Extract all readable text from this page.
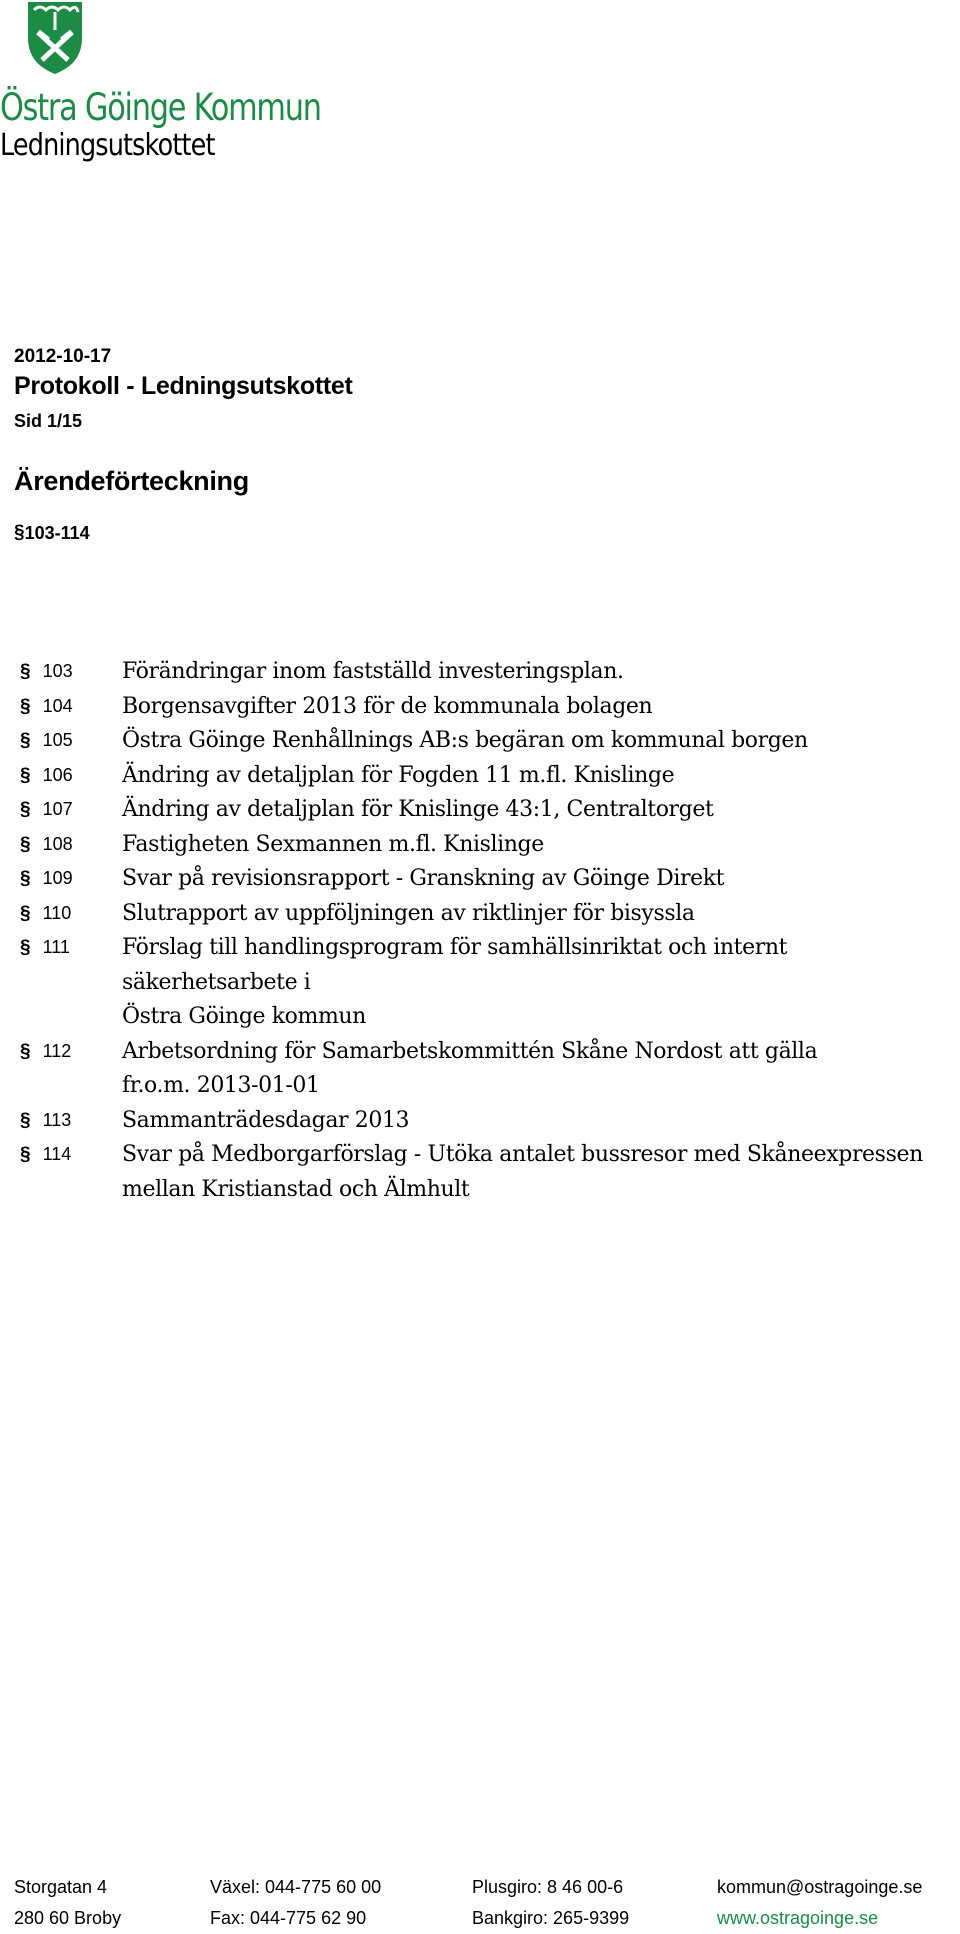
Östra Göinge Kommun
Ledningsutskottet
2012-10-17
Protokoll - Ledningsutskottet
Sid 1/15
Ärendeförteckning
§ 103-114
§ 103	Förändringar inom fastställd investeringsplan.
§ 104	Borgensavgifter 2013 för de kommunala bolagen
§ 105	Östra Göinge Renhållnings AB:s begäran om kommunal borgen
§ 106	Ändring av detaljplan för Fogden 11 m.fl. Knislinge
§ 107	Ändring av detaljplan för Knislinge 43:1, Centraltorget
§ 108	Fastigheten Sexmannen m.fl. Knislinge
§ 109	Svar på revisionsrapport - Granskning av Göinge Direkt
§ 110	Slutrapport av uppföljningen av riktlinjer för bisyssla
§ 111	Förslag till handlingsprogram för samhällsinriktat och internt säkerhetsarbete i
Östra Göinge kommun
§ 112	Arbetsordning för Samarbetskommittén Skåne Nordost att gälla
fr.o.m. 2013-01-01
§ 113	Sammanträdesdagar 2013
§ 114	Svar på Medborgarförslag - Utöka antalet bussresor med Skåneexpressen
mellan Kristianstad och Älmhult
Storgatan 4
280 60 Broby
Växel: 044-775 60 00
Fax: 044-775 62 90
Plusgiro: 8 46 00-6
Bankgiro: 265-9399
kommun@ostragoinge.se
www.ostragoinge.se
